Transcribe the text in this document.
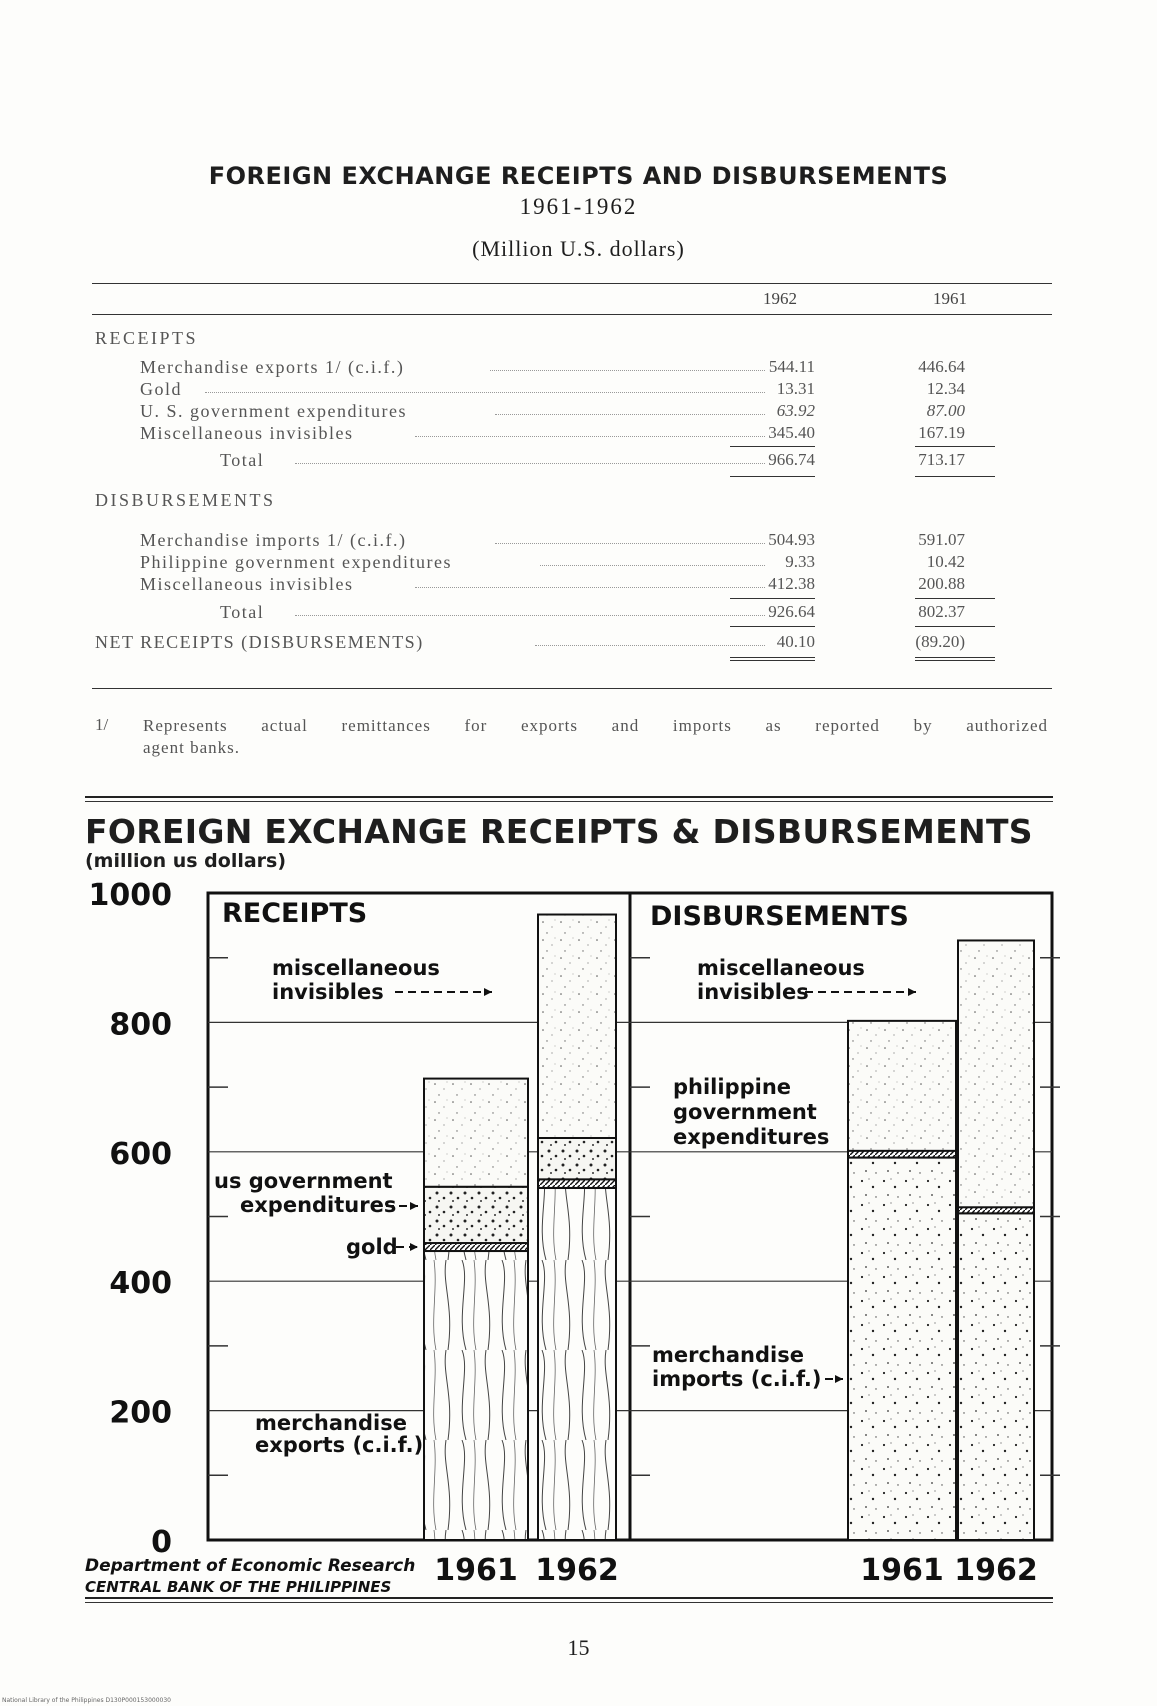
FOREIGN EXCHANGE RECEIPTS AND DISBURSEMENTS
1961-1962
(Million U.S. dollars)
1962	1961
RECEIPTS
Merchandise exports 1/ (c.i.f.)	544.11	446.64
Gold	13.31	12.34
U. S. government expenditures	63.92	87.00
Miscellaneous invisibles	345.40	167.19
Total	966.74	713.17
DISBURSEMENTS
Merchandise imports 1/ (c.i.f.)	504.93	591.07
Philippine government expenditures	9.33	10.42
Miscellaneous invisibles	412.38	200.88
Total	926.64	802.37
NET RECEIPTS (DISBURSEMENTS)	40.10	(89.20)
1/ Represents actual remittances for exports and imports as reported by authorized
agent banks.
FOREIGN EXCHANGE RECEIPTS & DISBURSEMENTS
(million us dollars)
0
200
400
600
800
1000
RECEIPTS	DISBURSEMENTS
1961 1962	1961 1962
miscellaneous
invisibles
us government
expenditures
gold
merchandise
exports (c.i.f.)
miscellaneous
invisibles
philippine
government
expenditures
merchandise
imports (c.i.f.)
Department of Economic Research
CENTRAL BANK OF THE PHILIPPINES
15
National Library of the Philippines D130P000153000030
